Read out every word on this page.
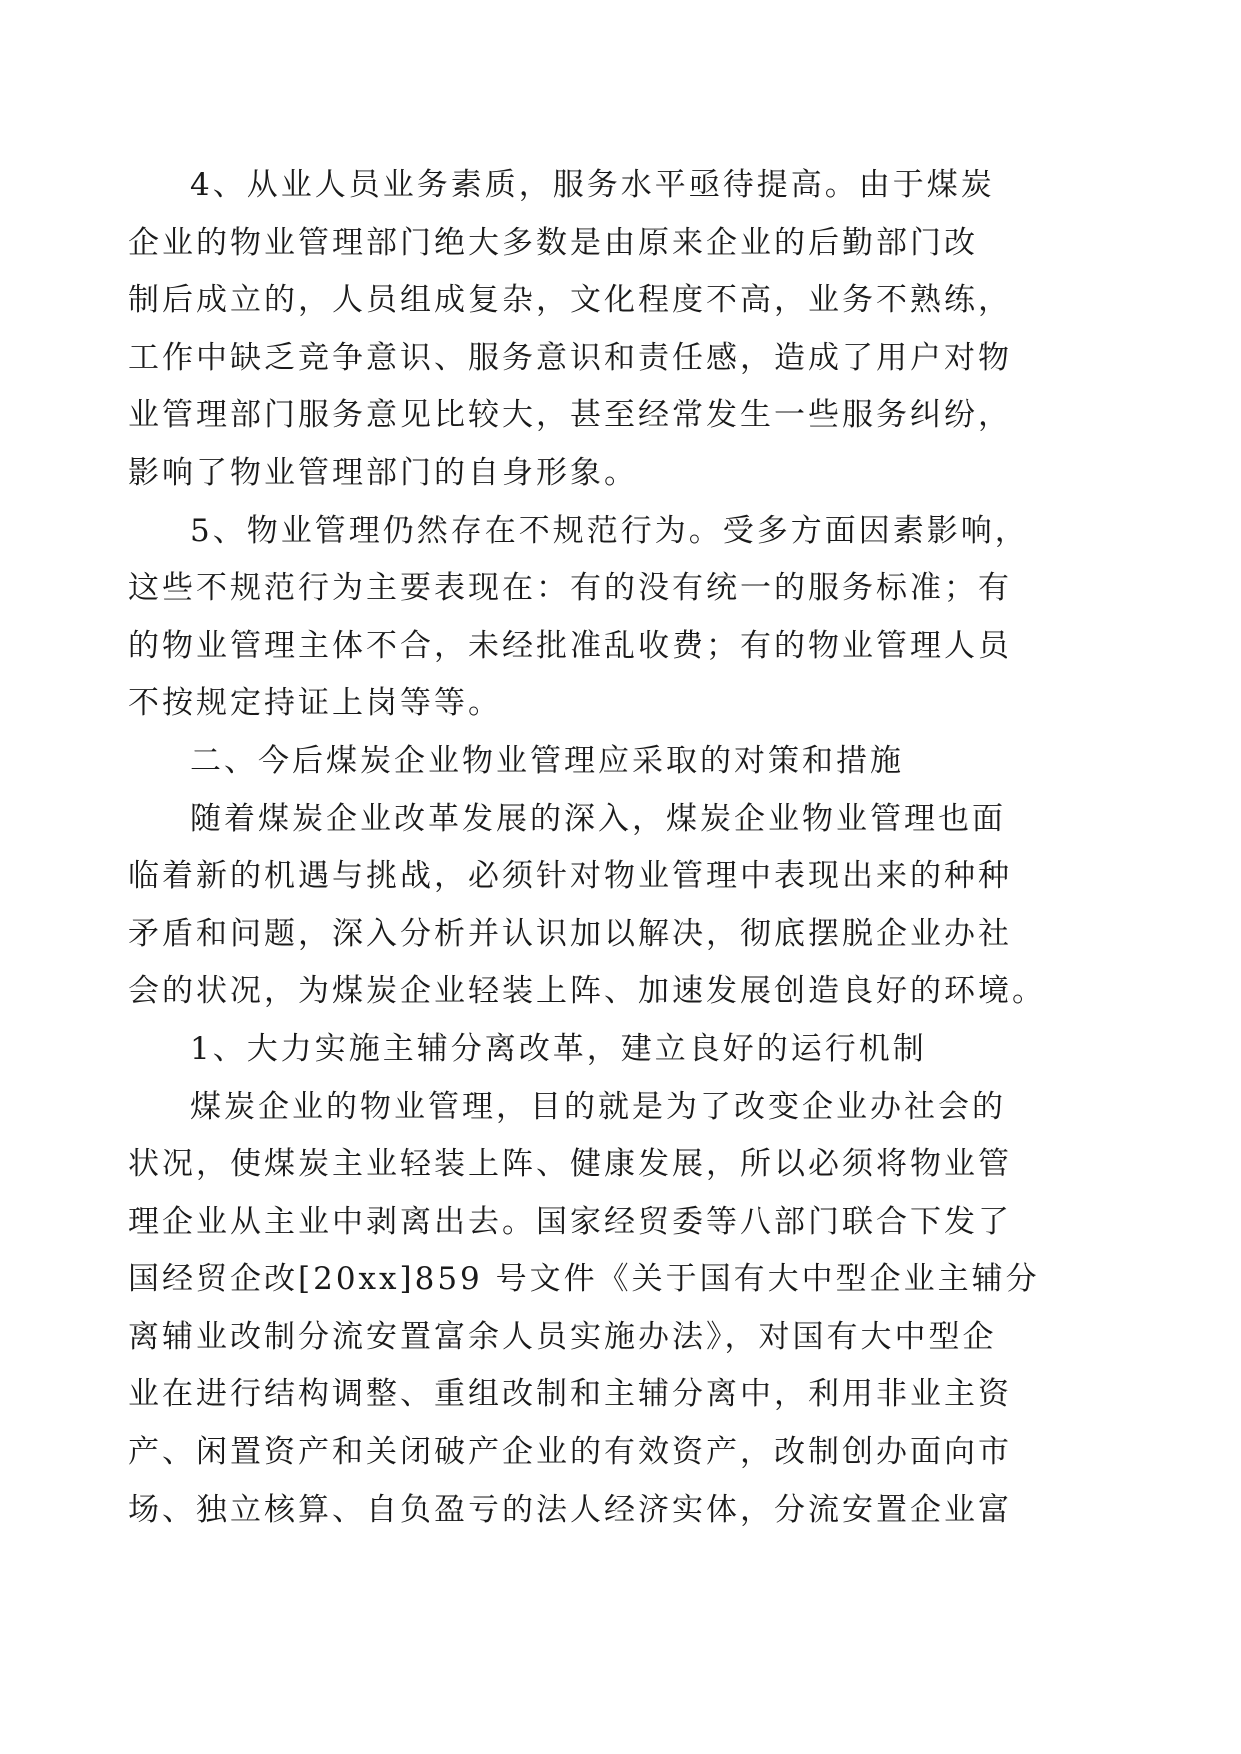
4、从业人员业务素质，服务水平亟待提高。由于煤炭
企业的物业管理部门绝大多数是由原来企业的后勤部门改
制后成立的，人员组成复杂，文化程度不高，业务不熟练，
工作中缺乏竞争意识、服务意识和责任感，造成了用户对物
业管理部门服务意见比较大，甚至经常发生一些服务纠纷，
影响了物业管理部门的自身形象。

5、物业管理仍然存在不规范行为。受多方面因素影响，
这些不规范行为主要表现在：有的没有统一的服务标准；有
的物业管理主体不合，未经批准乱收费；有的物业管理人员
不按规定持证上岗等等。

二、今后煤炭企业物业管理应采取的对策和措施

随着煤炭企业改革发展的深入，煤炭企业物业管理也面
临着新的机遇与挑战，必须针对物业管理中表现出来的种种
矛盾和问题，深入分析并认识加以解决，彻底摆脱企业办社
会的状况，为煤炭企业轻装上阵、加速发展创造良好的环境。

1、大力实施主辅分离改革，建立良好的运行机制

煤炭企业的物业管理，目的就是为了改变企业办社会的
状况，使煤炭主业轻装上阵、健康发展，所以必须将物业管
理企业从主业中剥离出去。国家经贸委等八部门联合下发了
国经贸企改[20xx]859 号文件《关于国有大中型企业主辅分
离辅业改制分流安置富余人员实施办法》，对国有大中型企
业在进行结构调整、重组改制和主辅分离中，利用非业主资
产、闲置资产和关闭破产企业的有效资产，改制创办面向市
场、独立核算、自负盈亏的法人经济实体，分流安置企业富
